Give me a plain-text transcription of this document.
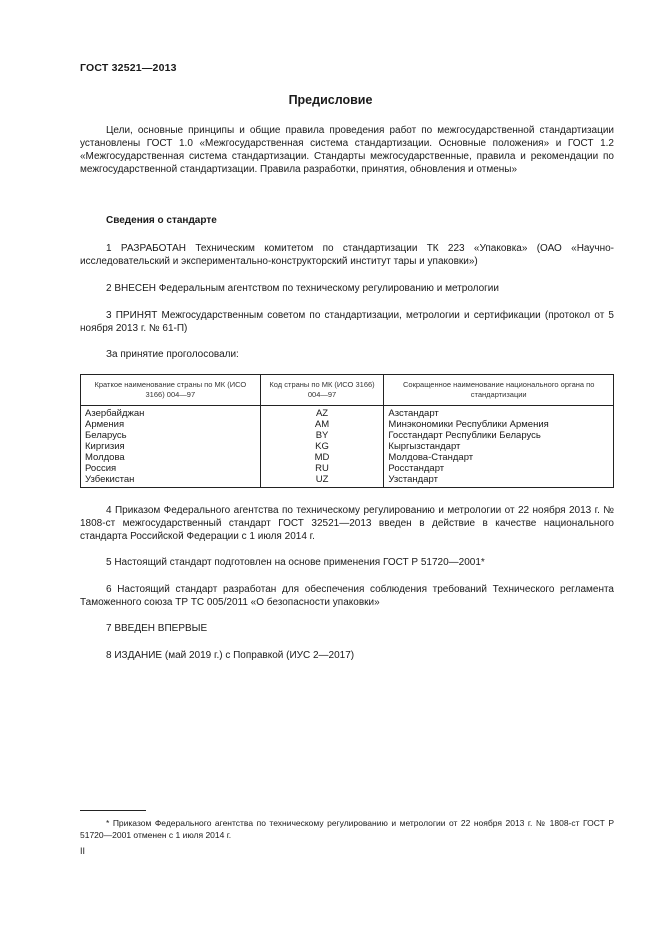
ГОСТ 32521—2013
Предисловие
Цели, основные принципы и общие правила проведения работ по межгосударственной стандартизации установлены ГОСТ 1.0 «Межгосударственная система стандартизации. Основные положения» и ГОСТ 1.2 «Межгосударственная система стандартизации. Стандарты межгосударственные, правила и рекомендации по межгосударственной стандартизации. Правила разработки, принятия, обновления и отмены»
Сведения о стандарте
1 РАЗРАБОТАН Техническим комитетом по стандартизации ТК 223 «Упаковка» (ОАО «Научно-исследовательский и экспериментально-конструкторский институт тары и упаковки»)
2 ВНЕСЕН Федеральным агентством по техническому регулированию и метрологии
3 ПРИНЯТ Межгосударственным советом по стандартизации, метрологии и сертификации (протокол от 5 ноября 2013 г. № 61-П)
За принятие проголосовали:
Краткое наименование страны по МК (ИСО 3166) 004—97	Код страны по МК (ИСО 3166) 004—97	Сокращенное наименование национального органа по стандартизации
Азербайджан	AZ	Азстандарт
Армения	AM	Минэкономики Республики Армения
Беларусь	BY	Госстандарт Республики Беларусь
Киргизия	KG	Кыргызстандарт
Молдова	MD	Молдова-Стандарт
Россия	RU	Росстандарт
Узбекистан	UZ	Узстандарт
4 Приказом Федерального агентства по техническому регулированию и метрологии от 22 ноября 2013 г. № 1808-ст межгосударственный стандарт ГОСТ 32521—2013 введен в действие в качестве национального стандарта Российской Федерации с 1 июля 2014 г.
5 Настоящий стандарт подготовлен на основе применения ГОСТ Р 51720—2001*
6 Настоящий стандарт разработан для обеспечения соблюдения требований Технического регламента Таможенного союза ТР ТС 005/2011 «О безопасности упаковки»
7 ВВЕДЕН ВПЕРВЫЕ
8 ИЗДАНИЕ (май 2019 г.) с Поправкой (ИУС 2—2017)
* Приказом Федерального агентства по техническому регулированию и метрологии от 22 ноября 2013 г. № 1808-ст ГОСТ Р 51720—2001 отменен с 1 июля 2014 г.
II
